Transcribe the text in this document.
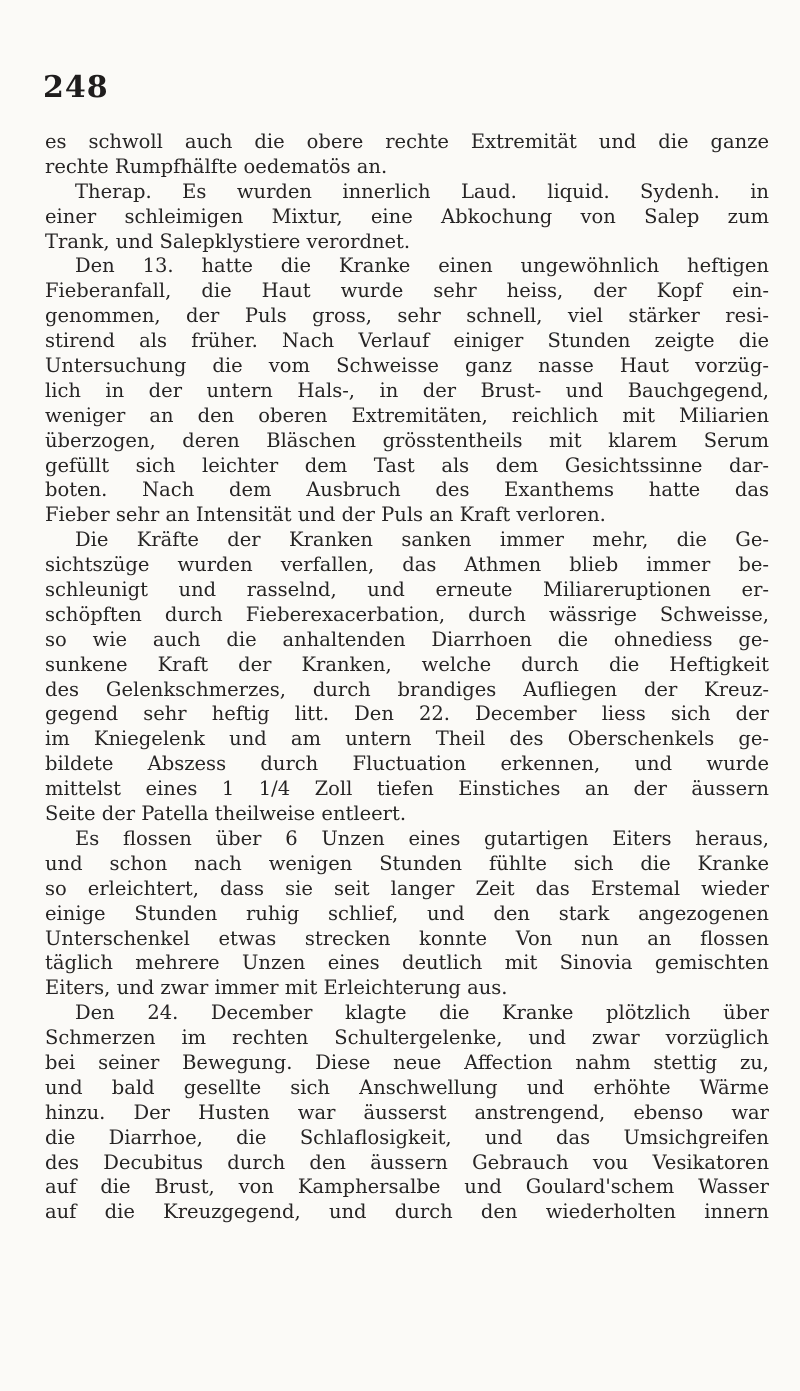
248
es schwoll auch die obere rechte Extremität und die ganze
rechte Rumpfhälfte oedematös an.
Therap. Es wurden innerlich Laud. liquid. Sydenh. in
einer schleimigen Mixtur, eine Abkochung von Salep zum
Trank, und Salepklystiere verordnet.
Den 13. hatte die Kranke einen ungewöhnlich heftigen
Fieberanfall, die Haut wurde sehr heiss, der Kopf ein-
genommen, der Puls gross, sehr schnell, viel stärker resi-
stirend als früher. Nach Verlauf einiger Stunden zeigte die
Untersuchung die vom Schweisse ganz nasse Haut vorzüg-
lich in der untern Hals-, in der Brust- und Bauchgegend,
weniger an den oberen Extremitäten, reichlich mit Miliarien
überzogen, deren Bläschen grösstentheils mit klarem Serum
gefüllt sich leichter dem Tast als dem Gesichtssinne dar-
boten. Nach dem Ausbruch des Exanthems hatte das
Fieber sehr an Intensität und der Puls an Kraft verloren.
Die Kräfte der Kranken sanken immer mehr, die Ge-
sichtszüge wurden verfallen, das Athmen blieb immer be-
schleunigt und rasselnd, und erneute Miliareruptionen er-
schöpften durch Fieberexacerbation, durch wässrige Schweisse,
so wie auch die anhaltenden Diarrhoen die ohnediess ge-
sunkene Kraft der Kranken, welche durch die Heftigkeit
des Gelenkschmerzes, durch brandiges Aufliegen der Kreuz-
gegend sehr heftig litt. Den 22. December liess sich der
im Kniegelenk und am untern Theil des Oberschenkels ge-
bildete Abszess durch Fluctuation erkennen, und wurde
mittelst eines 1 1/4 Zoll tiefen Einstiches an der äussern
Seite der Patella theilweise entleert.
Es flossen über 6 Unzen eines gutartigen Eiters heraus,
und schon nach wenigen Stunden fühlte sich die Kranke
so erleichtert, dass sie seit langer Zeit das Erstemal wieder
einige Stunden ruhig schlief, und den stark angezogenen
Unterschenkel etwas strecken konnte Von nun an flossen
täglich mehrere Unzen eines deutlich mit Sinovia gemischten
Eiters, und zwar immer mit Erleichterung aus.
Den 24. December klagte die Kranke plötzlich über
Schmerzen im rechten Schultergelenke, und zwar vorzüglich
bei seiner Bewegung. Diese neue Affection nahm stettig zu,
und bald gesellte sich Anschwellung und erhöhte Wärme
hinzu. Der Husten war äusserst anstrengend, ebenso war
die Diarrhoe, die Schlaflosigkeit, und das Umsichgreifen
des Decubitus durch den äussern Gebrauch vou Vesikatoren
auf die Brust, von Kamphersalbe und Goulard'schem Wasser
auf die Kreuzgegend, und durch den wiederholten innern
